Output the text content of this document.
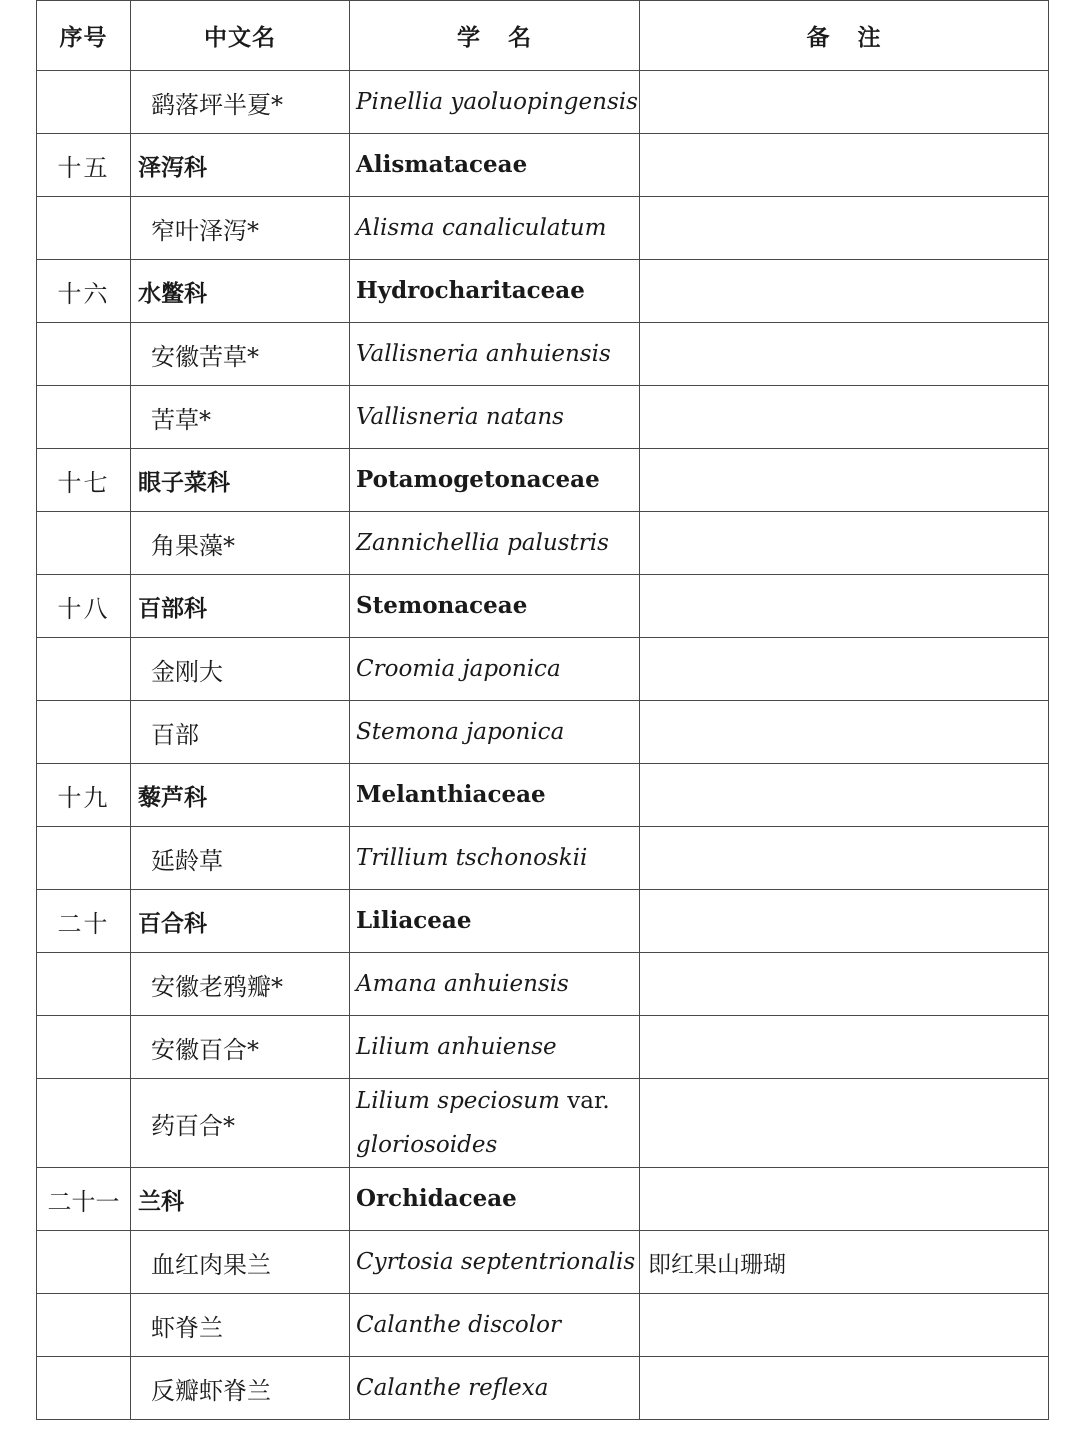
序号	中文名	学 名	备 注
	鹞落坪半夏*	Pinellia yaoluopingensis	
十五	泽泻科	Alismataceae	
	窄叶泽泻*	Alisma canaliculatum	
十六	水鳖科	Hydrocharitaceae	
	安徽苦草*	Vallisneria anhuiensis	
	苦草*	Vallisneria natans	
十七	眼子菜科	Potamogetonaceae	
	角果藻*	Zannichellia palustris	
十八	百部科	Stemonaceae	
	金刚大	Croomia japonica	
	百部	Stemona japonica	
十九	藜芦科	Melanthiaceae	
	延龄草	Trillium tschonoskii	
二十	百合科	Liliaceae	
	安徽老鸦瓣*	Amana anhuiensis	
	安徽百合*	Lilium anhuiense	
	药百合*	Lilium speciosum var.
gloriosoides	
二十一	兰科	Orchidaceae	
	血红肉果兰	Cyrtosia septentrionalis	即红果山珊瑚
	虾脊兰	Calanthe discolor	
	反瓣虾脊兰	Calanthe reflexa	
